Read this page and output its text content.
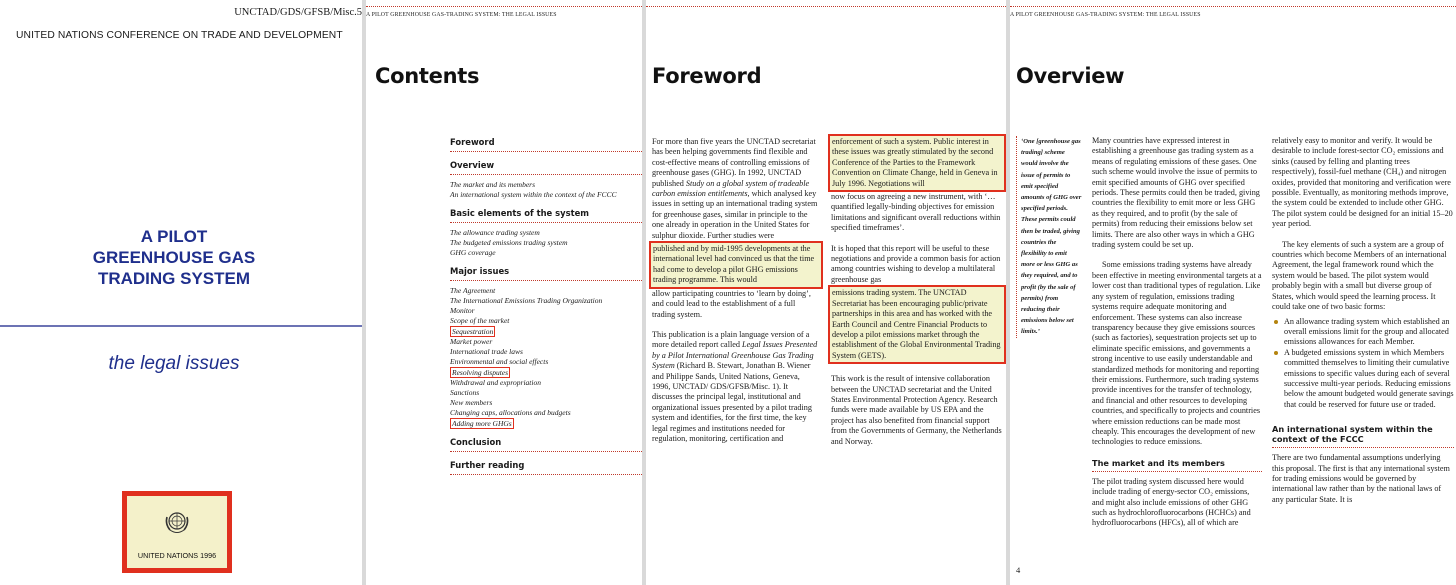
UNCTAD/GDS/GFSB/Misc.5
UNITED NATIONS CONFERENCE ON TRADE AND DEVELOPMENT
A PILOT
GREENHOUSE GAS
TRADING SYSTEM
the legal issues
UNITED NATIONS 1996
A PILOT GREENHOUSE GAS-TRADING SYSTEM: THE LEGAL ISSUES
Contents
Foreword
Overview
The market and its members
An international system within the context of the FCCC
Basic elements of the system
The allowance trading system
The budgeted emissions trading system
GHG coverage
Major issues
The Agreement
The International Emissions Trading Organization
Monitor
Scope of the market
Sequestration
Market power
International trade laws
Environmental and social effects
Resolving disputes
Withdrawal and expropriation
Sanctions
New members
Changing caps, allocations and budgets
Adding more GHGs
Conclusion
Further reading
Foreword

For more than five years the UNCTAD secretariat has been helping governments find flexible and cost-effective means of controlling emissions of greenhouse gases (GHG). In 1992, UNCTAD published Study on a global system of tradeable carbon emission entitlements, which analysed key issues in setting up an international trading system for greenhouse gases, similar in principle to the one already in operation in the United States for sulphur dioxide. Further studies were
published and by mid-1995 developments at the international level had convinced us that the time had come to develop a pilot GHG emissions trading programme. This would
allow participating countries to ‘learn by doing’, and could lead to the establishment of a full trading system.

This publication is a plain language version of a more detailed report called Legal Issues Presented by a Pilot International Greenhouse Gas Trading System (Richard B. Stewart, Jonathan B. Wiener and Philippe Sands, United Nations, Geneva, 1996, UNCTAD/ GDS/GFSB/Misc. 1). It discusses the principal legal, institutional and organizational issues presented by a pilot trading system and identifies, for the first time, the key legal regimes and institutions needed for regulation, monitoring, certification and

enforcement of such a system. Public interest in these issues was greatly stimulated by the second Conference of the Parties to the Framework Convention on Climate Change, held in Geneva in July 1996. Negotiations will
now focus on agreeing a new instrument, with ‘… quantified legally-binding objectives for emission limitations and significant overall reductions within specified timeframes’.

It is hoped that this report will be useful to these negotiations and provide a common basis for action among countries wishing to develop a multilateral greenhouse gas
emissions trading system. The UNCTAD Secretariat has been encouraging public/private partnerships in this area and has worked with the Earth Council and Centre Financial Products to develop a pilot emissions market through the establishment of the Global Environmental Trading System (GETS).

This work is the result of intensive collaboration between the UNCTAD secretariat and the United States Environmental Protection Agency. Research funds were made available by US EPA and the project has also benefited from financial support from the Governments of Germany, the Netherlands and Norway.

A PILOT GREENHOUSE GAS-TRADING SYSTEM: THE LEGAL ISSUES
Overview
‘One [greenhouse gas trading] scheme would involve the issue of permits to emit specified amounts of GHG over specified periods. These permits could then be traded, giving countries the flexibility to emit more or less GHG as they required, and to profit (by the sale of permits) from reducing their emissions below set limits.’

Many countries have expressed interest in establishing a greenhouse gas trading system as a means of regulating emissions of these gases. One such scheme would involve the issue of permits to emit specified amounts of GHG over specified periods. These permits could then be traded, giving countries the flexibility to emit more or less GHG as they required, and to profit (by the sale of permits) from reducing their emissions below set limits. There are also other ways in which a GHG trading system could be set up.

Some emissions trading systems have already been effective in meeting environmental targets at a lower cost than traditional types of regulation. Like any system of regulation, emissions trading systems require adequate monitoring and enforcement. These systems can also increase transparency because they give emissions sources (such as factories), sequestration projects set up to eliminate specific emissions, and governments a strong incentive to use easily understandable and standardized methods for monitoring and reporting their emissions. Furthermore, such trading systems provide incentives for the transfer of technology, and financial and other resources to developing countries, and specifically to projects and countries where emission reductions can be made most cheaply. This encourages the development of new technologies to reduce emissions.

The market and its members

The pilot trading system discussed here would include trading of energy-sector CO₂ emissions, and might also include emissions of other GHG such as hydrochlorofluorocarbons (HCHCs) and hydrofluorocarbons (HFCs), all of which are

relatively easy to monitor and verify. It would be desirable to include forest-sector CO₂ emissions and sinks (caused by felling and planting trees respectively), fossil-fuel methane (CH₄) and nitrogen oxides, provided that monitoring and verification were possible. Eventually, as monitoring methods improve, the system could be extended to include other GHG. The pilot system could be designed for an initial 15–20 year period.

The key elements of such a system are a group of countries which become Members of an international Agreement, the legal framework round which the system would be based. The pilot system would probably begin with a small but diverse group of States, which would speed the learning process. It could take one of two basic forms:

An allowance trading system which established an overall emissions limit for the group and allocated emissions allowances for each Member.
A budgeted emissions system in which Members committed themselves to limiting their cumulative emissions to specific values during each of several successive multi-year periods. Reducing emissions below the amount budgeted would generate savings that could be reserved for future use or traded.
An international system within the context of the FCCC

There are two fundamental assumptions underlying this proposal. The first is that any international system for trading emissions would be governed by international law rather than by the national laws of any particular State. It is

4
